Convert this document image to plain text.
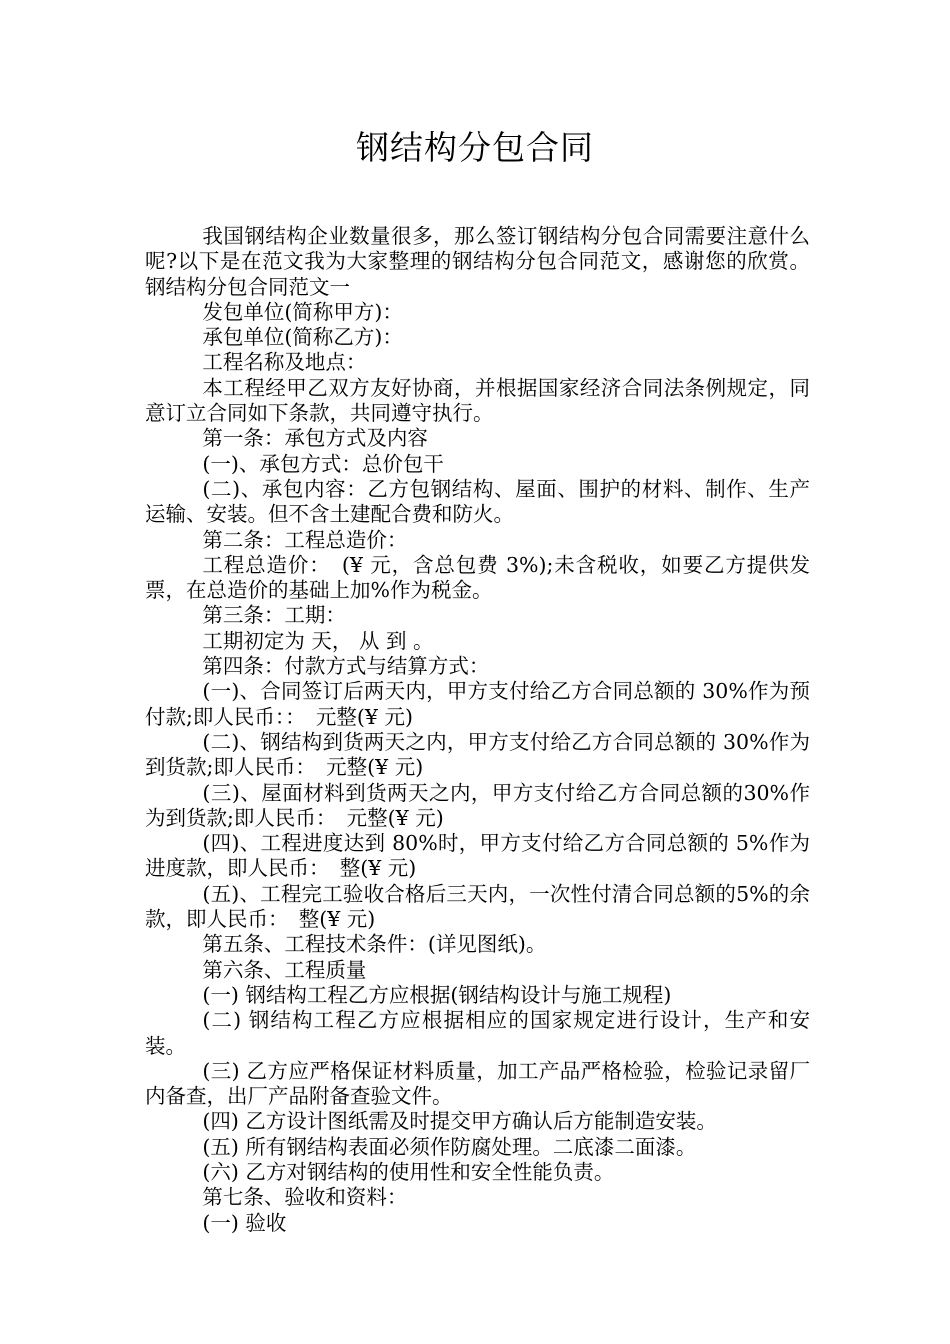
钢结构分包合同

我国钢结构企业数量很多，那么签订钢结构分包合同需要注意什么呢?以下是在范文我为大家整理的钢结构分包合同范文，感谢您的欣赏。钢结构分包合同范文一

发包单位(简称甲方)：

承包单位(简称乙方)：

工程名称及地点：

本工程经甲乙双方友好协商，并根据国家经济合同法条例规定，同意订立合同如下条款，共同遵守执行。

第一条：承包方式及内容

(一)、承包方式：总价包干

(二)、承包内容：乙方包钢结构、屋面、围护的材料、制作、生产运输、安装。但不含土建配合费和防火。

第二条：工程总造价：

工程总造价：　(¥ 元，含总包费 3%);未含税收，如要乙方提供发票，在总造价的基础上加%作为税金。

第三条：工期：

工期初定为 天， 从 到 。

第四条：付款方式与结算方式：

(一)、合同签订后两天内，甲方支付给乙方合同总额的 30%作为预付款;即人民币：：　元整(¥ 元)

(二)、钢结构到货两天之内，甲方支付给乙方合同总额的 30%作为到货款;即人民币：　元整(¥ 元)

(三)、屋面材料到货两天之内，甲方支付给乙方合同总额的30%作为到货款;即人民币：　元整(¥ 元)

(四)、工程进度达到 80%时，甲方支付给乙方合同总额的 5%作为进度款，即人民币：　整(¥ 元)

(五)、工程完工验收合格后三天内，一次性付清合同总额的5%的余款，即人民币：　整(¥ 元)

第五条、工程技术条件：(详见图纸)。

第六条、工程质量

(一) 钢结构工程乙方应根据(钢结构设计与施工规程)

(二) 钢结构工程乙方应根据相应的国家规定进行设计，生产和安装。

(三) 乙方应严格保证材料质量，加工产品严格检验，检验记录留厂内备查，出厂产品附备查验文件。

(四) 乙方设计图纸需及时提交甲方确认后方能制造安装。

(五) 所有钢结构表面必须作防腐处理。二底漆二面漆。

(六) 乙方对钢结构的使用性和安全性能负责。

第七条、验收和资料：

(一) 验收
